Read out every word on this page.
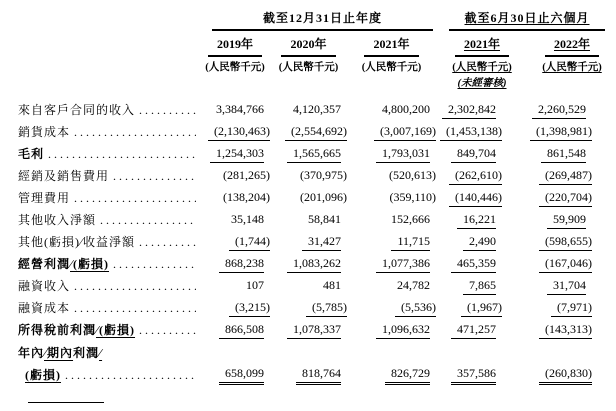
截至12月31日止年度	截至6月30日止六個月
2019年	2020年	2021年	2021年	2022年
(人民幣千元) (人民幣千元) (人民幣千元)	(人民幣千元)	(人民幣千元)
(未經審核)
來自客戶合同的收入 . . .	3,384,766 4,120,357	4,800,200	2,302,842	2,260,529
銷貨成本 . . .	(2,130,463)	(2,554,692)	(3,007,169) (1,453,138)	(1,398,981)
毛利 . . .	1,254,303	1,565,665	1,793,031	849,704	861,548
經銷及銷售費用 . . .	(281,265)	(370,975)	(520,613)	(262,610)	(269,487)
管理費用 . . .	(138,204)	(201,096)	(359,110)	(140,446)	(220,704)
其他收入淨額 . . .	35,148	58,841	152,666	16,221	59,909
其他(虧損)∕收益淨額 . . .	(1,744)	31,427	11,715	2,490	(598,655)
經營利潤 ∕(虧損) . . .	868,238	1,083,262	1,077,386	465,359	(167,046)
融資收入 . . .	107	481	24,782	7,865	31,704
融資成本 . . .	(3,215)	(5,785)	(5,536)	(1,967)	(7,971)
所得稅前利潤 ∕(虧損) . . .	866,508	1,078,337	1,096,632	471,257	(143,313)
年內 ∕期內 利潤 ∕
(虧損) . . .	658,099	818,764	826,729	357,586	(260,830)
